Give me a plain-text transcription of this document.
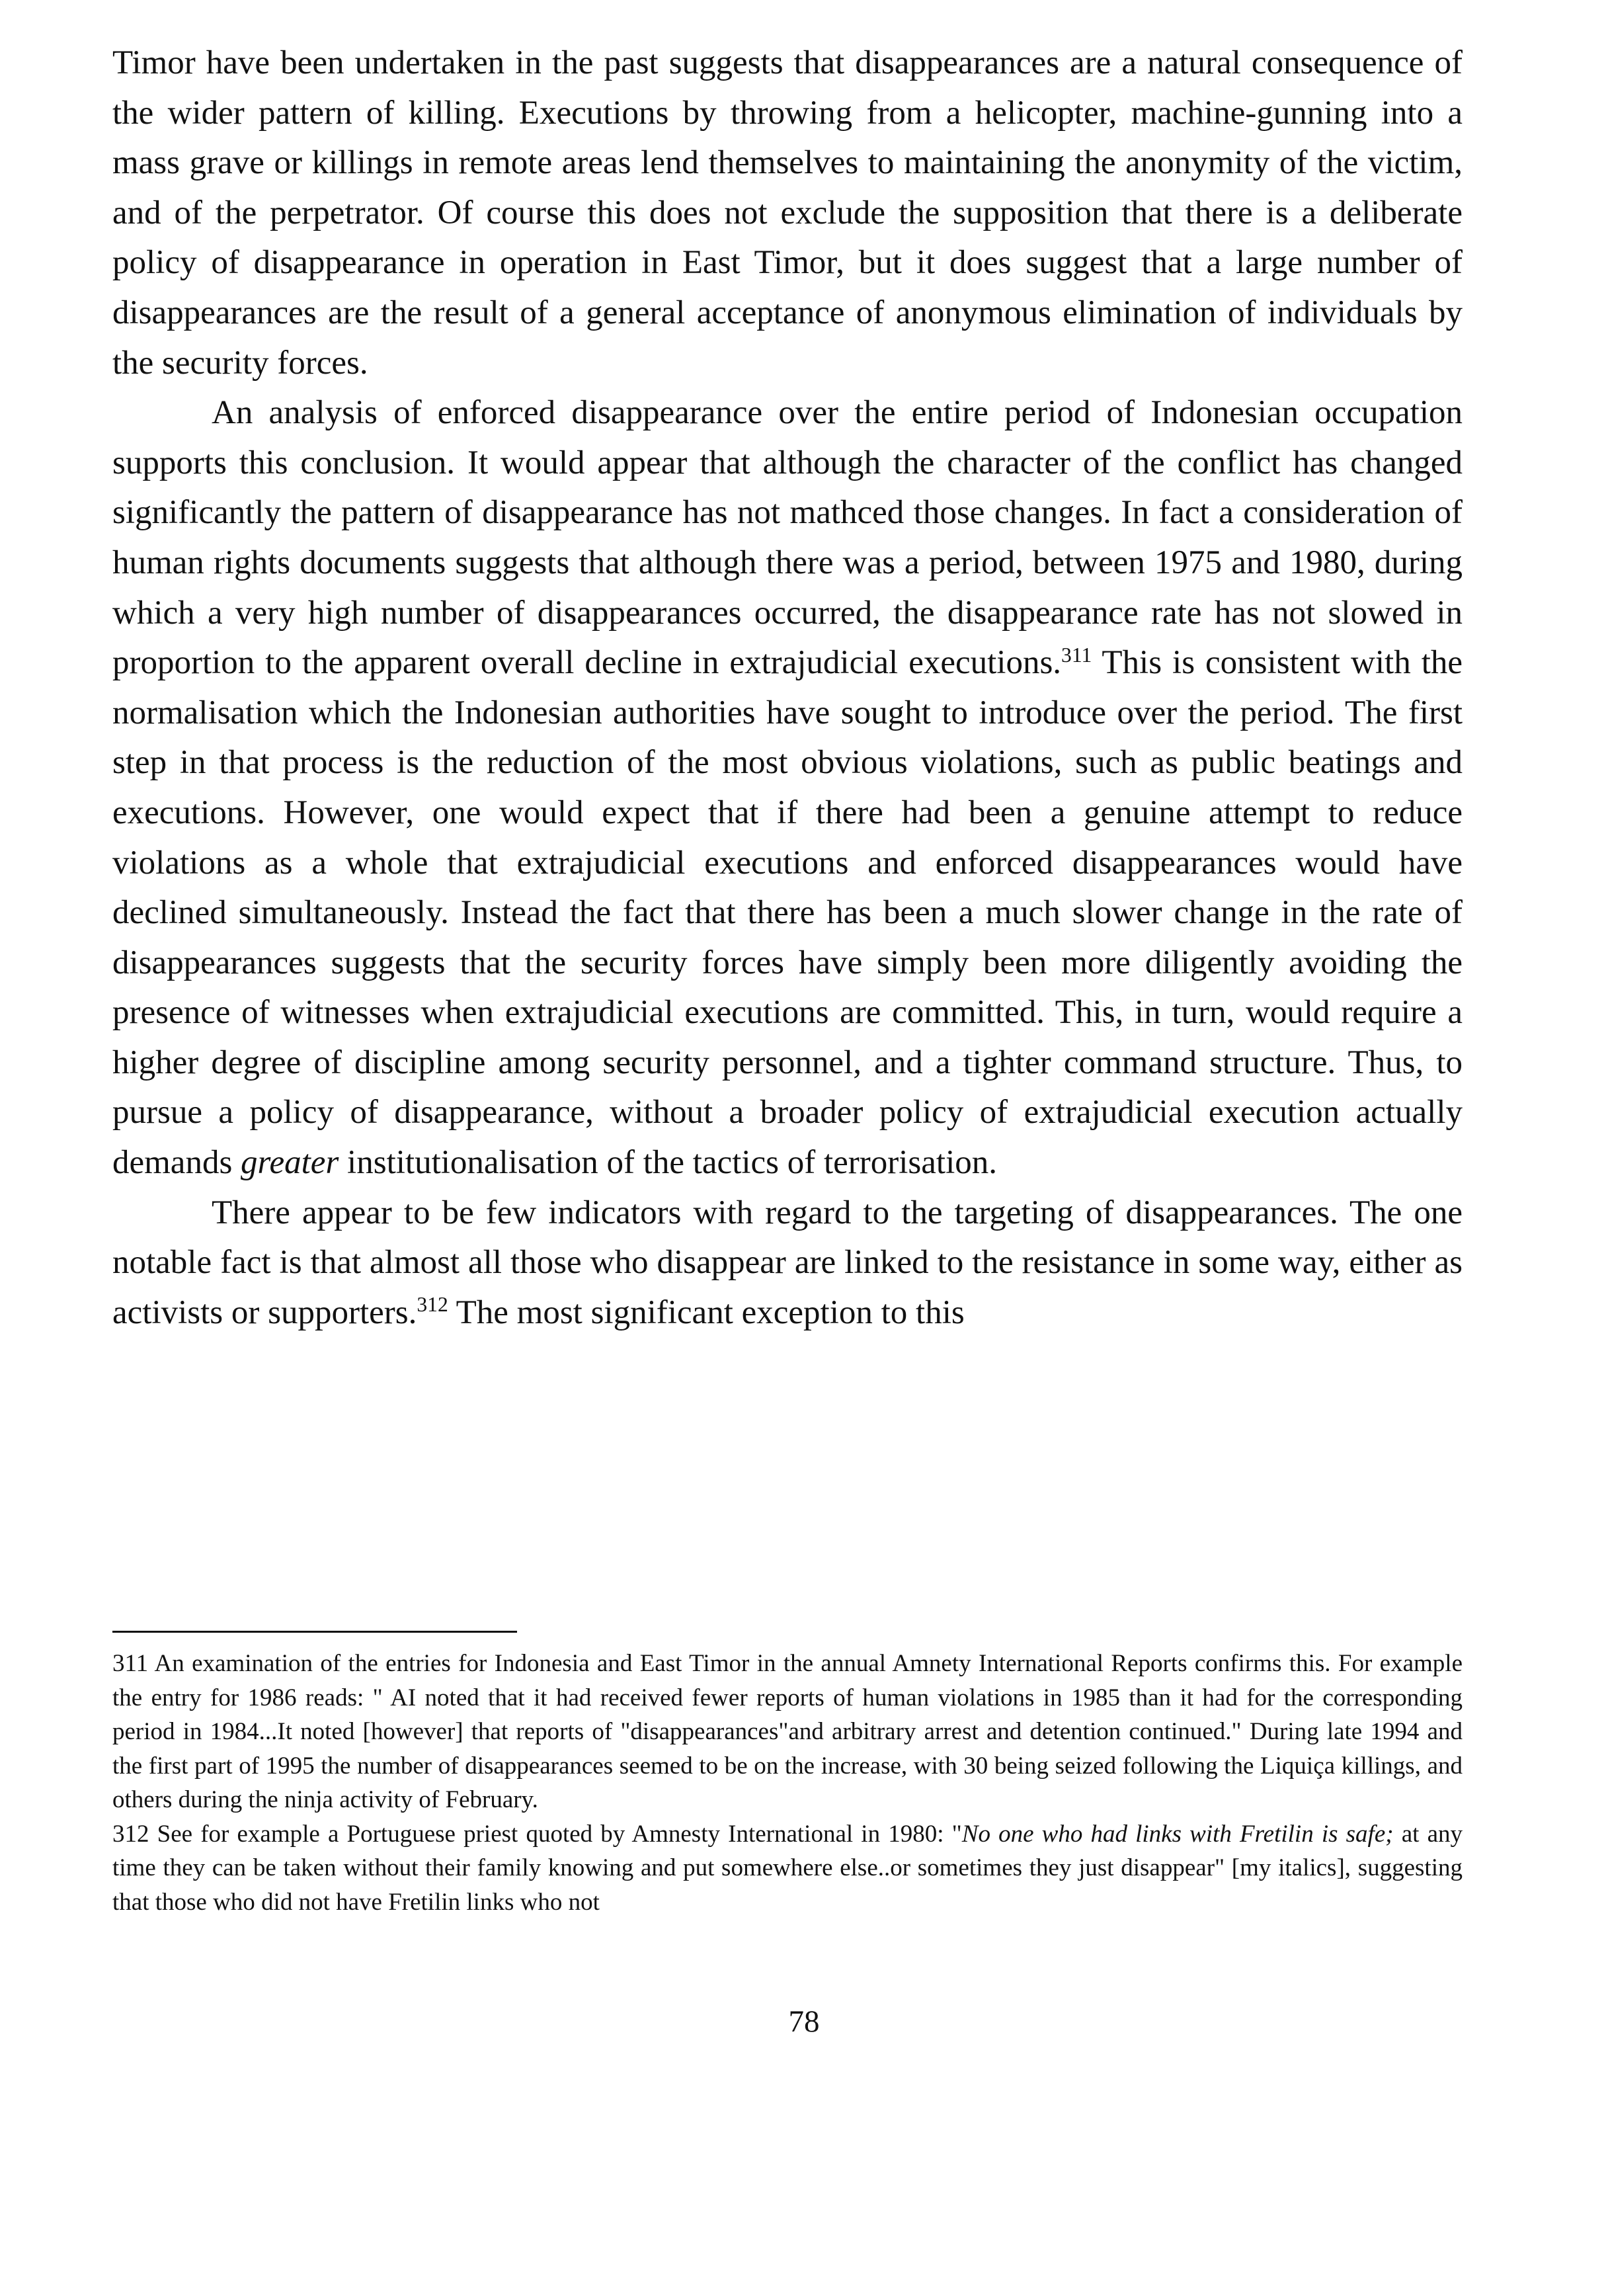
Timor have been undertaken in the past suggests that disappearances are a natural consequence of the wider pattern of killing. Executions by throwing from a helicopter, machine-gunning into a mass grave or killings in remote areas lend themselves to maintaining the anonymity of the victim, and of the perpetrator. Of course this does not exclude the supposition that there is a deliberate policy of disappearance in operation in East Timor, but it does suggest that a large number of disappearances are the result of a general acceptance of anonymous elimination of individuals by the security forces.

An analysis of enforced disappearance over the entire period of Indonesian occupation supports this conclusion. It would appear that although the character of the conflict has changed significantly the pattern of disappearance has not mathced those changes. In fact a consideration of human rights documents suggests that although there was a period, between 1975 and 1980, during which a very high number of disappearances occurred, the disappearance rate has not slowed in proportion to the apparent overall decline in extrajudicial executions.$^{311}$ This is consistent with the normalisation which the Indonesian authorities have sought to introduce over the period. The first step in that process is the reduction of the most obvious violations, such as public beatings and executions. However, one would expect that if there had been a genuine attempt to reduce violations as a whole that extrajudicial executions and enforced disappearances would have declined simultaneously. Instead the fact that there has been a much slower change in the rate of disappearances suggests that the security forces have simply been more diligently avoiding the presence of witnesses when extrajudicial executions are committed. This, in turn, would require a higher degree of discipline among security personnel, and a tighter command structure. Thus, to pursue a policy of disappearance, without a broader policy of extrajudicial execution actually demands greater institutionalisation of the tactics of terrorisation.

There appear to be few indicators with regard to the targeting of disappearances. The one notable fact is that almost all those who disappear are linked to the resistance in some way, either as activists or supporters.$^{312}$ The most significant exception to this

311 An examination of the entries for Indonesia and East Timor in the annual Amnety International Reports confirms this. For example the entry for 1986 reads: " AI noted that it had received fewer reports of human violations in 1985 than it had for the corresponding period in 1984...It noted [however] that reports of "disappearances"and arbitrary arrest and detention continued." During late 1994 and the first part of 1995 the number of disappearances seemed to be on the increase, with 30 being seized following the Liquiça killings, and others during the ninja activity of February.

312 See for example a Portuguese priest quoted by Amnesty International in 1980: "No one who had links with Fretilin is safe; at any time they can be taken without their family knowing and put somewhere else..or sometimes they just disappear" [my italics], suggesting that those who did not have Fretilin links who not

78
